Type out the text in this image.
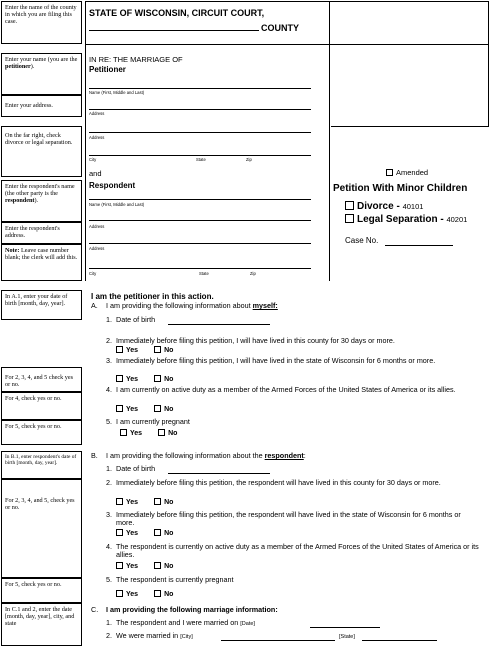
Enter the name of the county in which you are filing this case.
Enter your name (you are the petitioner).
Enter your address.
On the far right, check divorce or legal separation.
Enter the respondent's name (the other party is the respondent).
Enter the respondent's address.
Note: Leave case number blank; the clerk will add this.
STATE OF WISCONSIN, CIRCUIT COURT,
COUNTY
IN RE: THE MARRIAGE OF
Petitioner
Name (First, Middle and Last)
Address
Address
City	State	Zip
and
Respondent
Name (First, Middle and Last)
Address
Address
City	State	Zip
Amended
Petition With Minor Children
Divorce - 40101
Legal Separation - 40201
Case No.
In A.1, enter your date of birth [month, day, year].
For 2, 3, 4, and 5 check yes or no.
For 4, check yes or no.
For 5, check yes or no.
In B.1, enter respondent's date of birth [month, day, year].
For 2, 3, 4, and 5, check yes or no.
For 5, check yes or no.
In C.1 and 2, enter the date [month, day, year], city, and state
I am the petitioner in this action.
A. I am providing the following information about myself:
1. Date of birth
2. Immediately before filing this petition, I will have lived in this county for 30 days or more.
Yes	No
3. Immediately before filing this petition, I will have lived in the state of Wisconsin for 6 months or more.
Yes	No
4. I am currently on active duty as a member of the Armed Forces of the United States of America or its allies.
Yes	No
5. I am currently pregnant
Yes	No
B. I am providing the following information about the respondent:
1. Date of birth
2. Immediately before filing this petition, the respondent will have lived in this county for 30 days or more.
Yes	No
3. Immediately before filing this petition, the respondent will have lived in the state of Wisconsin for 6 months or more.
Yes	No
4. The respondent is currently on active duty as a member of the Armed Forces of the United States of America or its allies.
Yes	No
5. The respondent is currently pregnant
Yes	No
C. I am providing the following marriage information:
1. The respondent and I were married on [Date]
2. We were married in [City]	[State]
